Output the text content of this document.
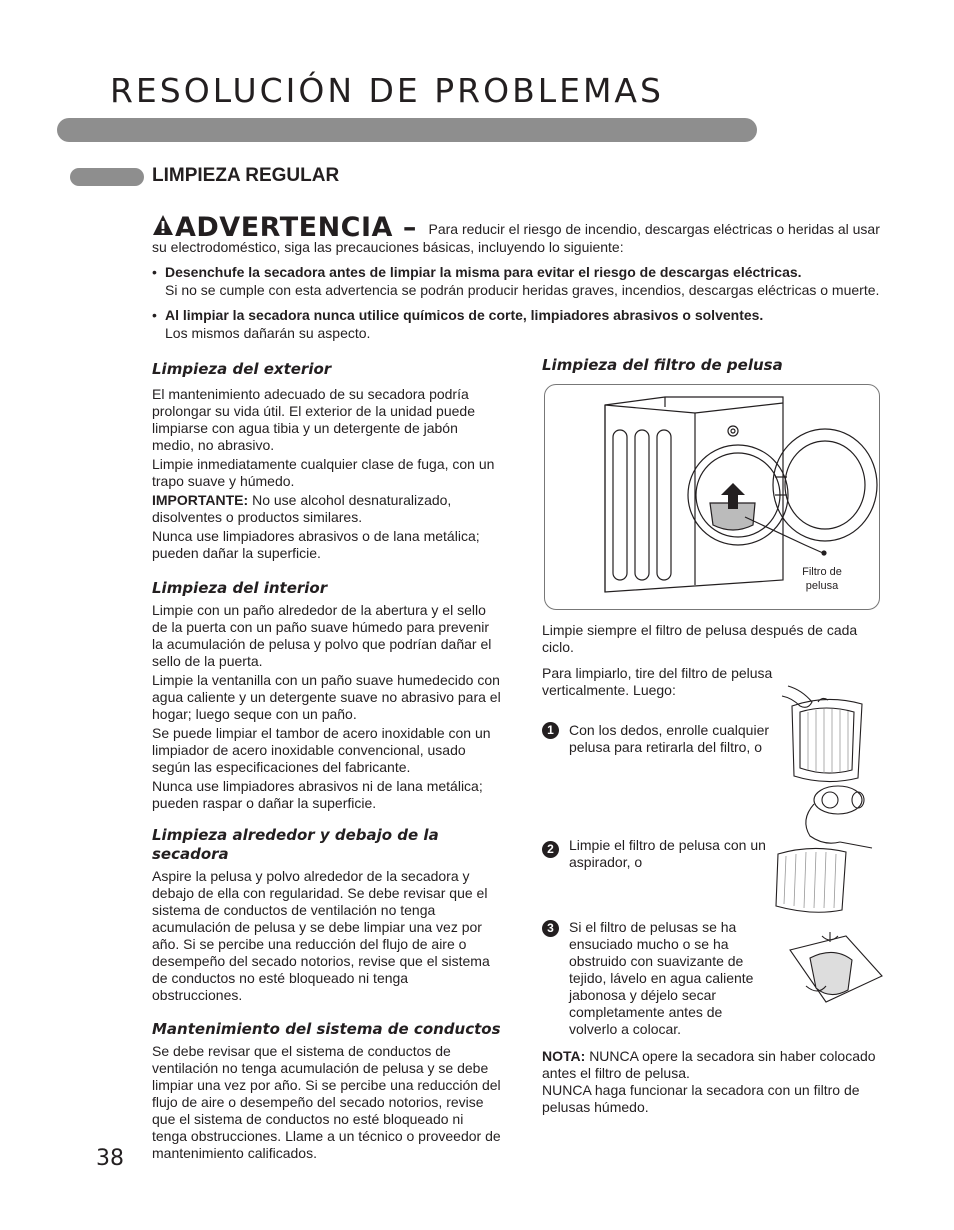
RESOLUCIÓN DE PROBLEMAS
LIMPIEZA REGULAR
ADVERTENCIA – Para reducir el riesgo de incendio, descargas eléctricas o heridas al usar su electrodoméstico, siga las precauciones básicas, incluyendo lo siguiente:
• Desenchufe la secadora antes de limpiar la misma para evitar el riesgo de descargas eléctricas.
Si no se cumple con esta advertencia se podrán producir heridas graves, incendios, descargas eléctricas o muerte.
• Al limpiar la secadora nunca utilice químicos de corte, limpiadores abrasivos o solventes.
Los mismos dañarán su aspecto.
Limpieza del exterior

El mantenimiento adecuado de su secadora podría prolongar su vida útil. El exterior de la unidad puede limpiarse con agua tibia y un detergente de jabón medio, no abrasivo.

Limpie inmediatamente cualquier clase de fuga, con un trapo suave y húmedo.

IMPORTANTE: No use alcohol desnaturalizado, disolventes o productos similares.

Nunca use limpiadores abrasivos o de lana metálica; pueden dañar la superficie.

Limpieza del interior

Limpie con un paño alrededor de la abertura y el sello de la puerta con un paño suave húmedo para prevenir la acumulación de pelusa y polvo que podrían dañar el sello de la puerta.

Limpie la ventanilla con un paño suave humedecido con agua caliente y un detergente suave no abrasivo para el hogar; luego seque con un paño.

Se puede limpiar el tambor de acero inoxidable con un limpiador de acero inoxidable convencional, usado según las especificaciones del fabricante.

Nunca use limpiadores abrasivos ni de lana metálica; pueden raspar o dañar la superficie.

Limpieza alrededor y debajo de la secadora

Aspire la pelusa y polvo alrededor de la secadora y debajo de ella con regularidad. Se debe revisar que el sistema de conductos de ventilación no tenga acumulación de pelusa y se debe limpiar una vez por año. Si se percibe una reducción del flujo de aire o desempeño del secado notorios, revise que el sistema de conductos no esté bloqueado ni tenga obstrucciones.

Mantenimiento del sistema de conductos

Se debe revisar que el sistema de conductos de ventilación no tenga acumulación de pelusa y se debe limpiar una vez por año. Si se percibe una reducción del flujo de aire o desempeño del secado notorios, revise que el sistema de conductos no esté bloqueado ni tenga obstrucciones. Llame a un técnico o proveedor de mantenimiento calificados.

Limpieza del filtro de pelusa
Filtro de pelusa
Limpie siempre el filtro de pelusa después de cada ciclo.
Para limpiarlo, tire del filtro de pelusa verticalmente. Luego:
1	Con los dedos, enrolle cualquier pelusa para retirarla del filtro, o
2	Limpie el filtro de pelusa con un aspirador, o
3	Si el filtro de pelusas se ha ensuciado mucho o se ha obstruido con suavizante de tejido, lávelo en agua caliente jabonosa y déjelo secar completamente antes de volverlo a colocar.
NOTA: NUNCA opere la secadora sin haber colocado antes el filtro de pelusa.
NUNCA haga funcionar la secadora con un filtro de pelusas húmedo.
38
